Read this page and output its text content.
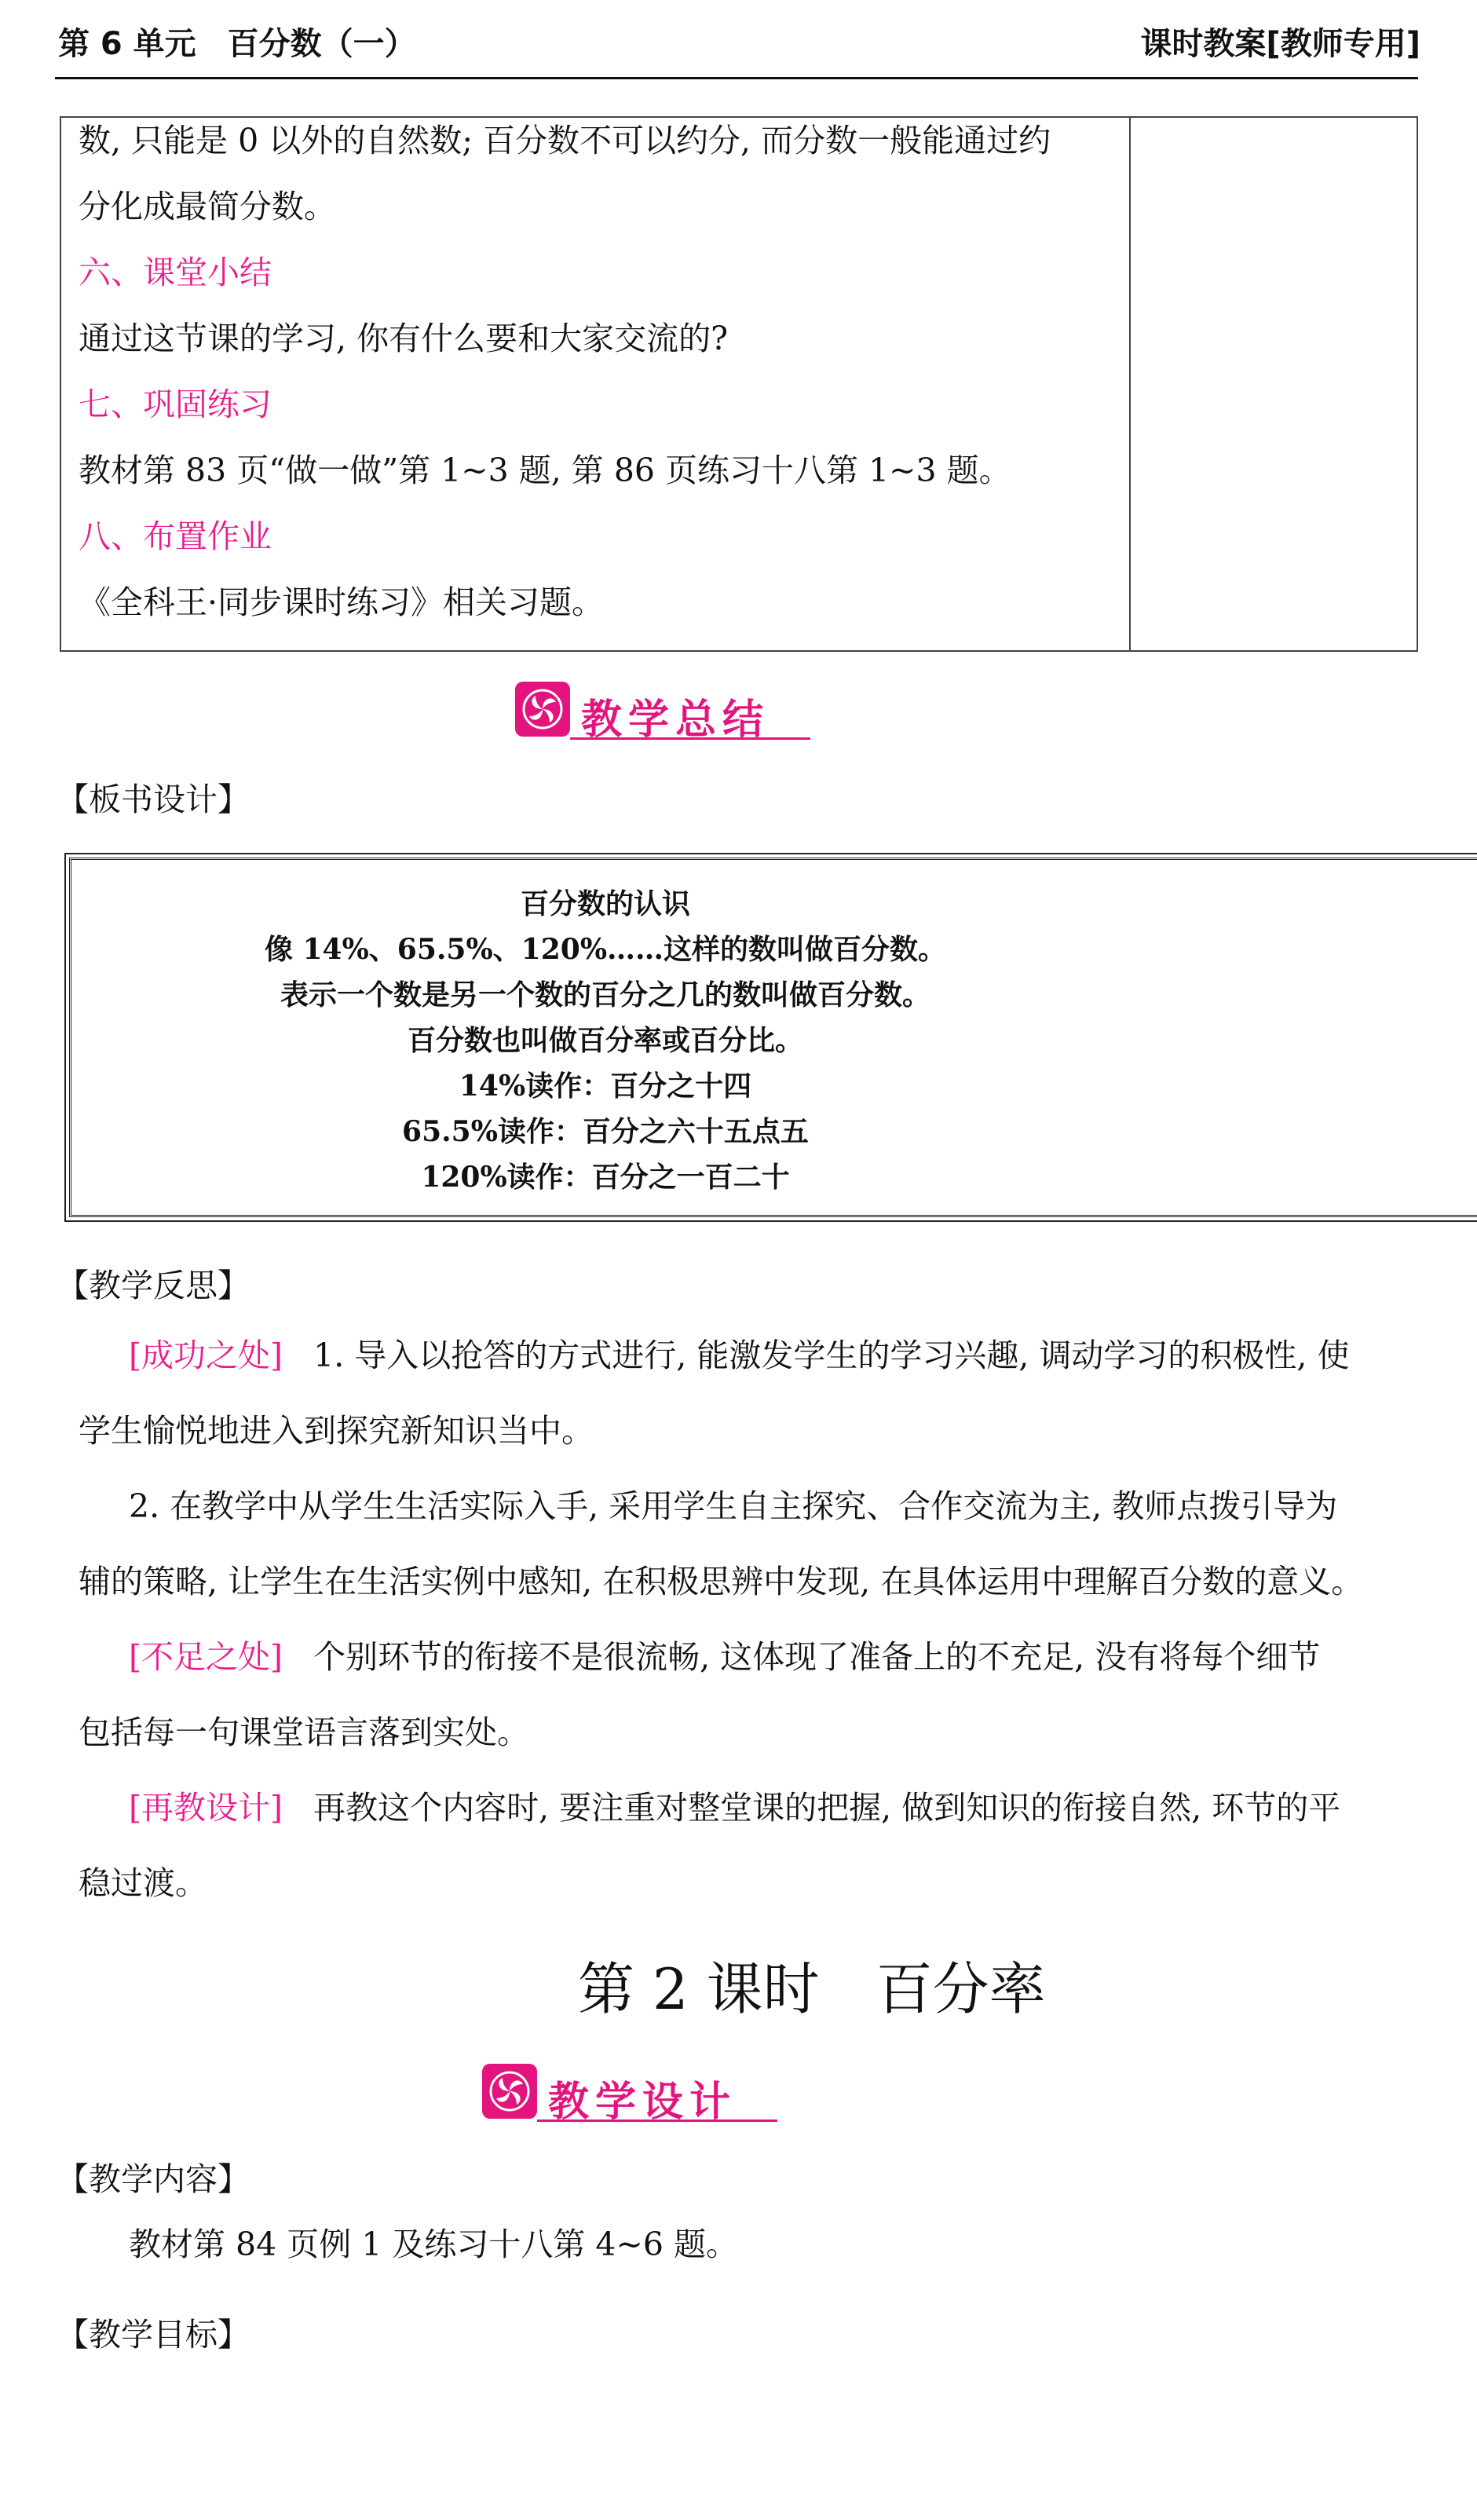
第 6 单元　百分数（一）	课时教案[教师专用]
数, 只能是 0 以外的自然数; 百分数不可以约分, 而分数一般能通过约
分化成最简分数。
六、课堂小结
通过这节课的学习, 你有什么要和大家交流的?
七、巩固练习
教材第 83 页“做一做”第 1~3 题, 第 86 页练习十八第 1~3 题。
八、布置作业
《全科王·同步课时练习》相关习题。
教学总结
【板书设计】
百分数的认识
像 14%、65.5%、120%……这样的数叫做百分数。
表示一个数是另一个数的百分之几的数叫做百分数。
百分数也叫做百分率或百分比。
14%读作：百分之十四
65.5%读作：百分之六十五点五
120%读作：百分之一百二十
【教学反思】
[成功之处] 1. 导入以抢答的方式进行, 能激发学生的学习兴趣, 调动学习的积极性, 使
学生愉悦地进入到探究新知识当中。
2. 在教学中从学生生活实际入手, 采用学生自主探究、合作交流为主, 教师点拨引导为
辅的策略, 让学生在生活实例中感知, 在积极思辨中发现, 在具体运用中理解百分数的意义。
[不足之处] 个别环节的衔接不是很流畅, 这体现了准备上的不充足, 没有将每个细节
包括每一句课堂语言落到实处。
[再教设计] 再教这个内容时, 要注重对整堂课的把握, 做到知识的衔接自然, 环节的平
稳过渡。
第 2 课时　百分率
教学设计
【教学内容】
教材第 84 页例 1 及练习十八第 4~6 题。
【教学目标】
